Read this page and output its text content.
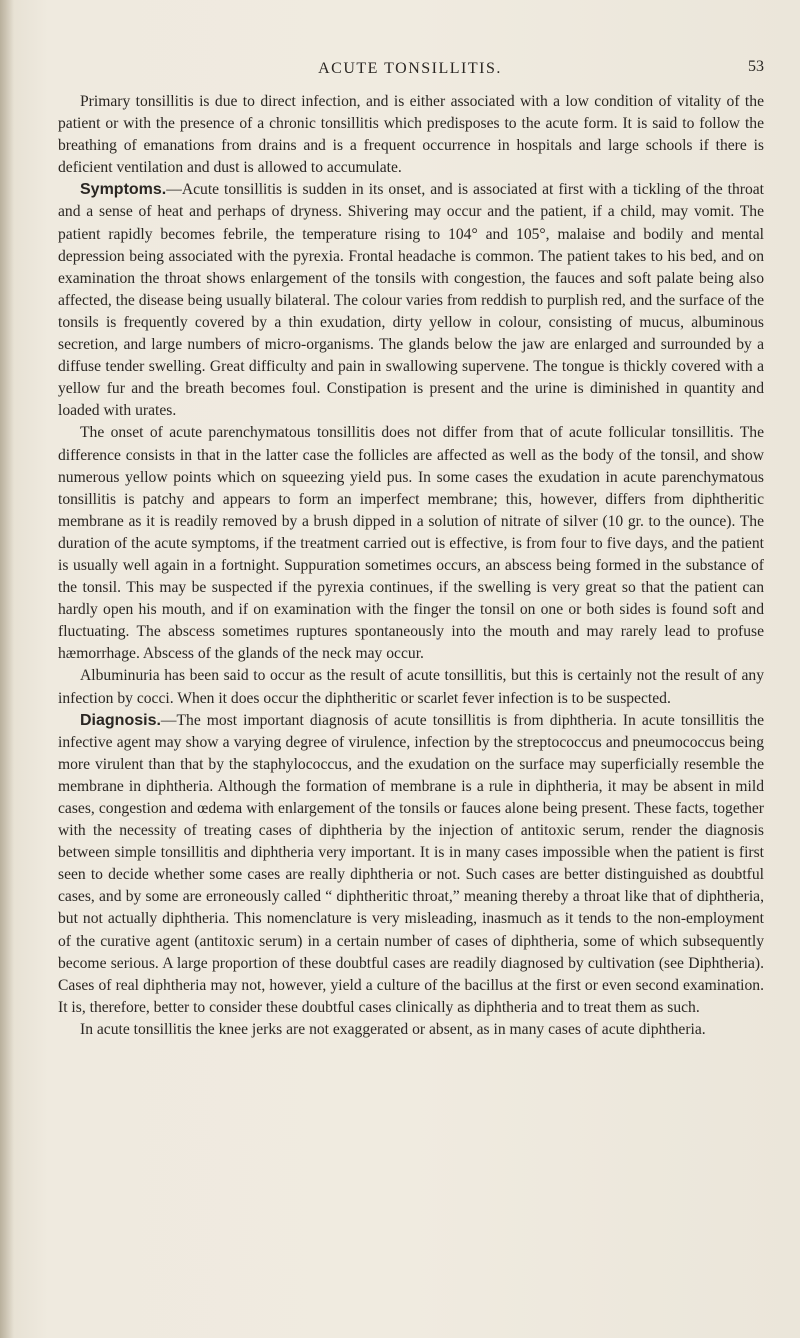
ACUTE TONSILLITIS.	53

Primary tonsillitis is due to direct infection, and is either associated with a low condition of vitality of the patient or with the presence of a chronic tonsillitis which predisposes to the acute form. It is said to follow the breathing of emanations from drains and is a frequent occurrence in hospitals and large schools if there is deficient ventilation and dust is allowed to accumulate.

Symptoms.—Acute tonsillitis is sudden in its onset, and is associated at first with a tickling of the throat and a sense of heat and perhaps of dryness. Shivering may occur and the patient, if a child, may vomit. The patient rapidly becomes febrile, the temperature rising to 104° and 105°, malaise and bodily and mental depression being associated with the pyrexia. Frontal headache is common. The patient takes to his bed, and on examination the throat shows enlargement of the tonsils with congestion, the fauces and soft palate being also affected, the disease being usually bilateral. The colour varies from reddish to purplish red, and the surface of the tonsils is frequently covered by a thin exudation, dirty yellow in colour, consisting of mucus, albuminous secretion, and large numbers of micro-organisms. The glands below the jaw are enlarged and surrounded by a diffuse tender swelling. Great difficulty and pain in swallowing supervene. The tongue is thickly covered with a yellow fur and the breath becomes foul. Constipation is present and the urine is diminished in quantity and loaded with urates.

The onset of acute parenchymatous tonsillitis does not differ from that of acute follicular tonsillitis. The difference consists in that in the latter case the follicles are affected as well as the body of the tonsil, and show numerous yellow points which on squeezing yield pus. In some cases the exudation in acute parenchymatous tonsillitis is patchy and appears to form an imperfect membrane; this, however, differs from diphtheritic membrane as it is readily removed by a brush dipped in a solution of nitrate of silver (10 gr. to the ounce). The duration of the acute symptoms, if the treatment carried out is effective, is from four to five days, and the patient is usually well again in a fortnight. Suppuration sometimes occurs, an abscess being formed in the substance of the tonsil. This may be suspected if the pyrexia continues, if the swelling is very great so that the patient can hardly open his mouth, and if on examination with the finger the tonsil on one or both sides is found soft and fluctuating. The abscess sometimes ruptures spontaneously into the mouth and may rarely lead to profuse hæmorrhage. Abscess of the glands of the neck may occur.

Albuminuria has been said to occur as the result of acute tonsillitis, but this is certainly not the result of any infection by cocci. When it does occur the diphtheritic or scarlet fever infection is to be suspected.

Diagnosis.—The most important diagnosis of acute tonsillitis is from diphtheria. In acute tonsillitis the infective agent may show a varying degree of virulence, infection by the streptococcus and pneumococcus being more virulent than that by the staphylococcus, and the exudation on the surface may superficially resemble the membrane in diphtheria. Although the formation of membrane is a rule in diphtheria, it may be absent in mild cases, congestion and œdema with enlargement of the tonsils or fauces alone being present. These facts, together with the necessity of treating cases of diphtheria by the injection of antitoxic serum, render the diagnosis between simple tonsillitis and diphtheria very important. It is in many cases impossible when the patient is first seen to decide whether some cases are really diphtheria or not. Such cases are better distinguished as doubtful cases, and by some are erroneously called “ diphtheritic throat,” meaning thereby a throat like that of diphtheria, but not actually diphtheria. This nomenclature is very misleading, inasmuch as it tends to the non-employment of the curative agent (antitoxic serum) in a certain number of cases of diphtheria, some of which subsequently become serious. A large proportion of these doubtful cases are readily diagnosed by cultivation (see Diphtheria). Cases of real diphtheria may not, however, yield a culture of the bacillus at the first or even second examination. It is, therefore, better to consider these doubtful cases clinically as diphtheria and to treat them as such.

In acute tonsillitis the knee jerks are not exaggerated or absent, as in many cases of acute diphtheria.
